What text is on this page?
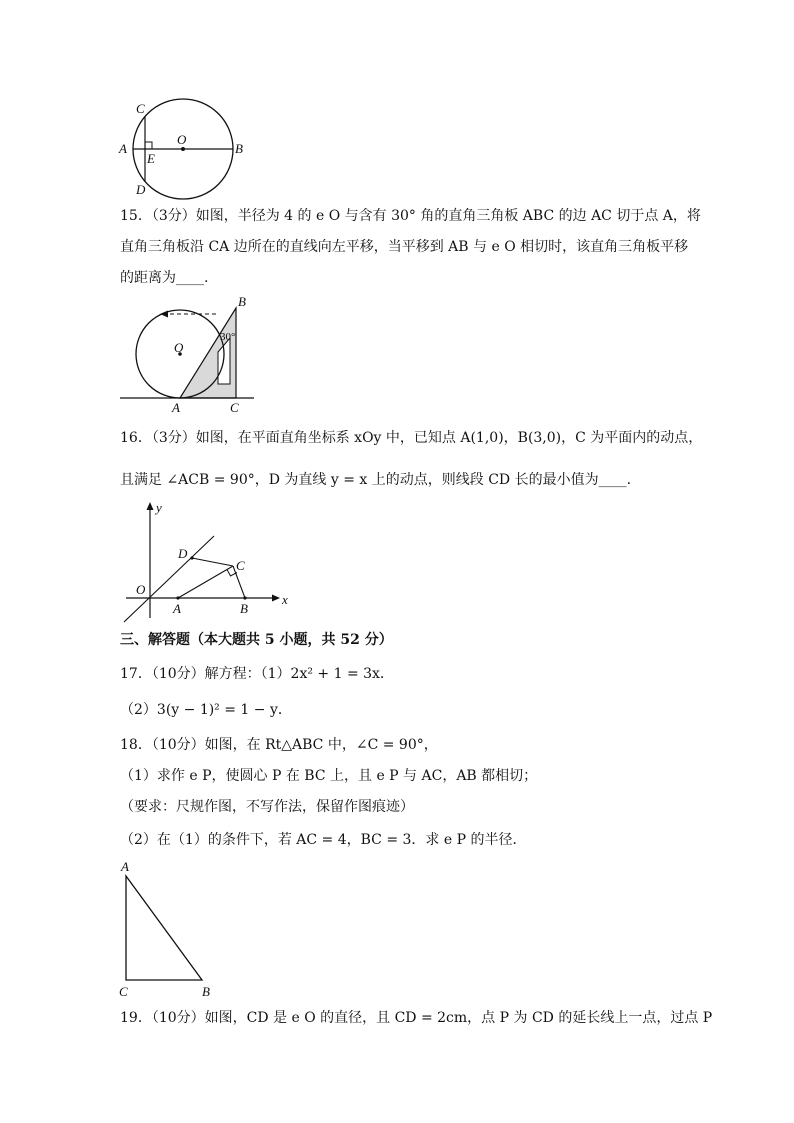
C
O
A
E
B
D
15．（3分）如图，半径为 4 的 e O 与含有 30° 角的直角三角板 ABC 的边 AC 切于点 A，将
直角三角板沿 CA 边所在的直线向左平移，当平移到 AB 与 e O 相切时，该直角三角板平移
的距离为____.
B
O
30°
A	C
16．（3分）如图，在平面直角坐标系 xOy 中，已知点 A(1,0)，B(3,0)，C 为平面内的动点，
且满足 ∠ACB = 90°，D 为直线 y = x 上的动点，则线段 CD 长的最小值为____.
y
x
O
D
C
A	B
三、解答题（本大题共 5 小题，共 52 分）
17．（10分）解方程：（1）2x² + 1 = 3x．
（2）3(y − 1)² = 1 − y．
18．（10分）如图，在 Rt△ABC 中，∠C = 90°，
（1）求作 e P，使圆心 P 在 BC 上，且 e P 与 AC，AB 都相切；
（要求：尺规作图，不写作法，保留作图痕迹）
（2）在（1）的条件下，若 AC = 4，BC = 3．求 e P 的半径．
A
C	B
19．（10分）如图，CD 是 e O 的直径，且 CD = 2cm，点 P 为 CD 的延长线上一点，过点 P
